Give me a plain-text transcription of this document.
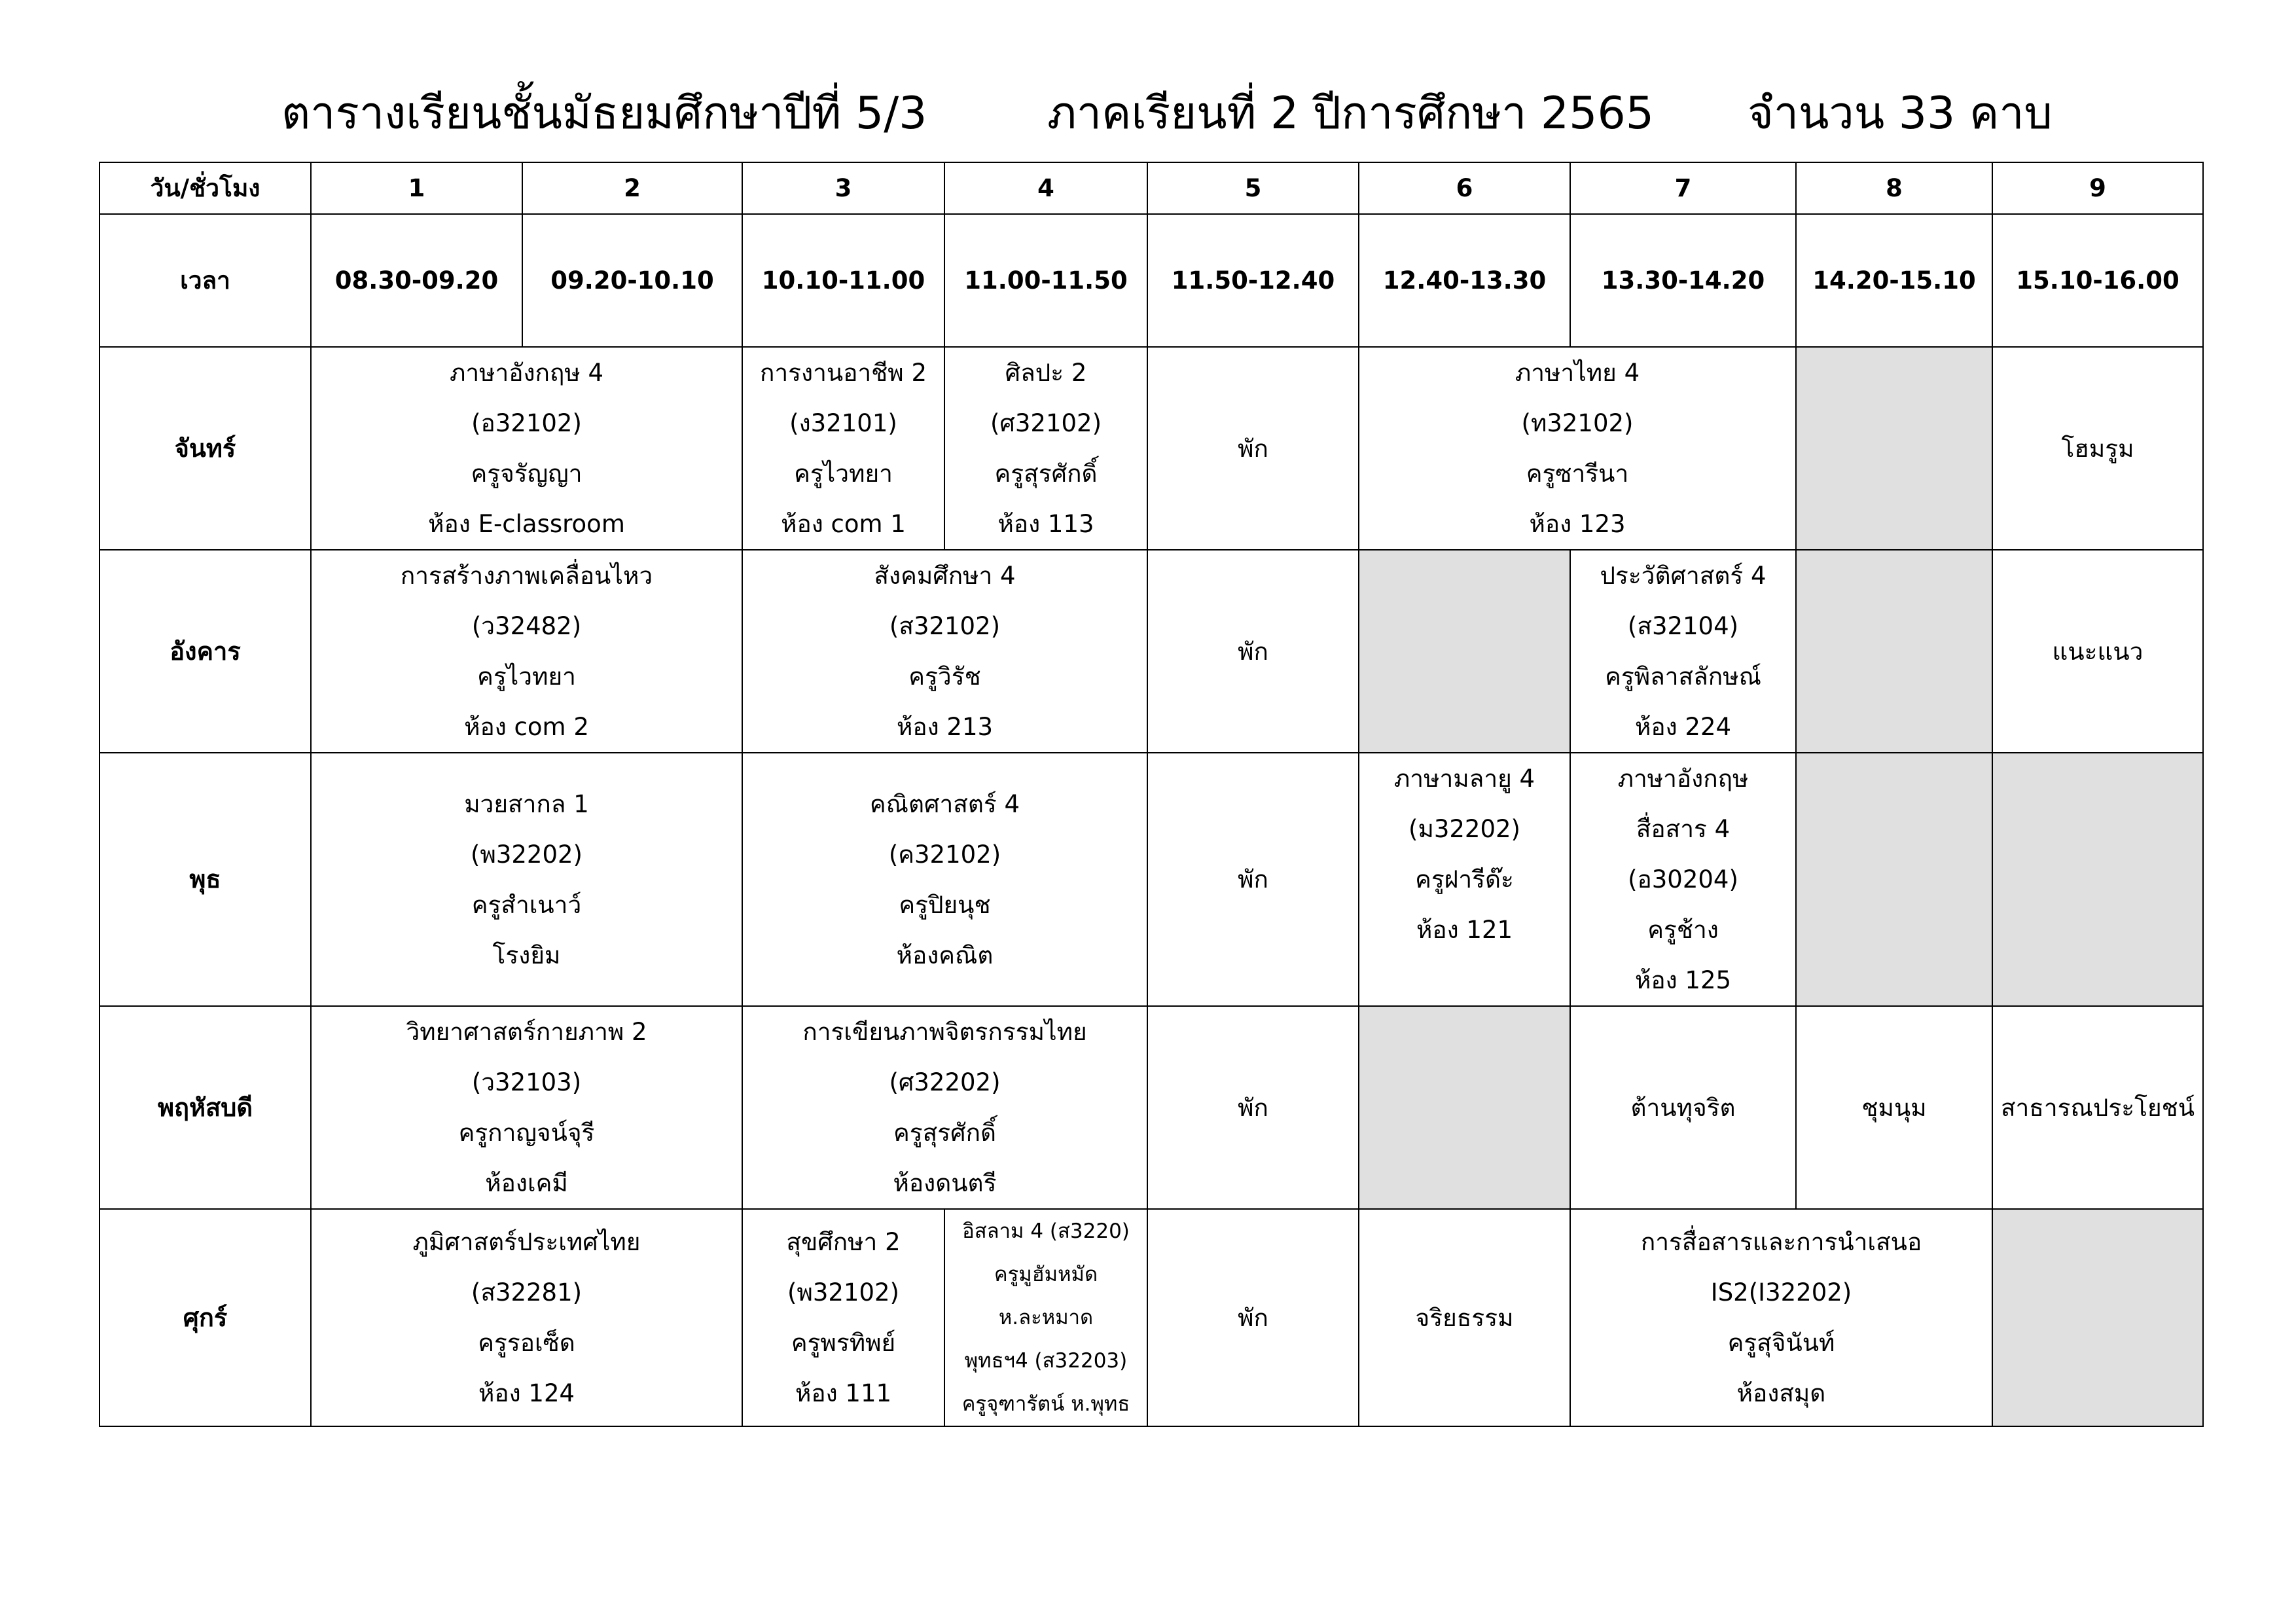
ตารางเรียนชั้นมัธยมศึกษาปีที่ 5/3	ภาคเรียนที่ 2 ปีการศึกษา 2565 จำนวน 33 คาบ
วัน/ชั่วโมง	1	2	3	4	5	6	7	8	9
เวลา	08.30-09.20	09.20-10.10	10.10-11.00	11.00-11.50	11.50-12.40	12.40-13.30	13.30-14.20	14.20-15.10	15.10-16.00
จันทร์	ภาษาอังกฤษ 4
(อ32102)
ครูจรัญญา
ห้อง E-classroom		การงานอาชีพ 2
(ง32101)
ครูไวทยา
ห้อง com 1	ศิลปะ 2
(ศ32102)
ครูสุรศักดิ์
ห้อง 113	พัก	ภาษาไทย 4
(ท32102)
ครูซารีนา
ห้อง 123			โฮมรูม
อังคาร	การสร้างภาพเคลื่อนไหว
(ว32482)
ครูไวทยา
ห้อง com 2		สังคมศึกษา 4
(ส32102)
ครูวิรัช
ห้อง 213		พัก		ประวัติศาสตร์ 4
(ส32104)
ครูพิลาสลักษณ์
ห้อง 224		แนะแนว
พุธ	มวยสากล 1
(พ32202)
ครูสำเนาว์
โรงยิม		คณิตศาสตร์ 4
(ค32102)
ครูปิยนุช
ห้องคณิต		พัก	ภาษามลายู 4
(ม32202)
ครูฝารีด๊ะ
ห้อง 121	ภาษาอังกฤษ
สื่อสาร 4
(อ30204)
ครูช้าง
ห้อง 125		

พฤหัสบดี	วิทยาศาสตร์กายภาพ 2
(ว32103)
ครูกาญจน์จุรี
ห้องเคมี		การเขียนภาพจิตรกรรมไทย
(ศ32202)
ครูสุรศักดิ์
ห้องดนตรี		พัก		ต้านทุจริต	ชุมนุม	สาธารณประโยชน์
ศุกร์	ภูมิศาสตร์ประเทศไทย
(ส32281)
ครูรอเซ็ด
ห้อง 124		สุขศึกษา 2
(พ32102)
ครูพรทิพย์
ห้อง 111	อิสลาม 4 (ส3220)
ครูมูฮัมหมัด
ห.ละหมาด
พุทธฯ4 (ส32203)
ครูจุฑารัตน์ ห.พุทธ	พัก	จริยธรรม	การสื่อสารและการนำเสนอ
IS2(I32202)
ครูสุจินันท์
ห้องสมุด		
